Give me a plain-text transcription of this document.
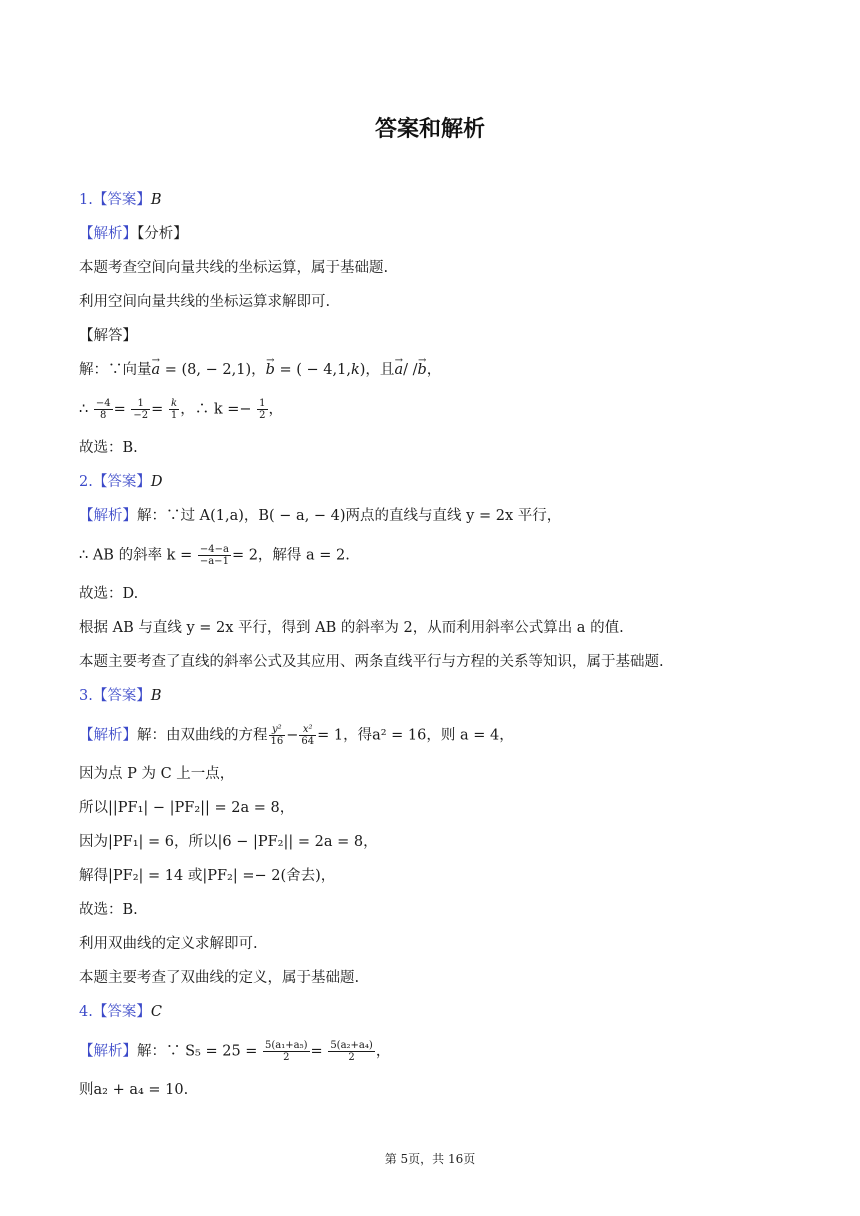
答案和解析
1.【答案】B
【解析】【分析】
本题考查空间向量共线的坐标运算，属于基础题.
利用空间向量共线的坐标运算求解即可.
【解答】
解：∵向量→ a = (8, − 2,1)，→ b = ( − 4,1,k)，且→ a/ /→ b，
∴ $\frac{-4}{8} = \frac{1}{-2} = \frac{k}{1}$ ，∴ $k =- \frac{1}{2}$ ，
故选：B.
2.【答案】D
【解析】解：∵过 A(1,a)，B( − a, − 4)两点的直线与直线 y = 2x 平行，
∴ AB 的斜率 $k = \frac{-4-a}{-a-1} = 2$，解得 a = 2.
故选：D.
根据 AB 与直线 y = 2x 平行，得到 AB 的斜率为 2，从而利用斜率公式算出 a 的值.
本题主要考查了直线的斜率公式及其应用、两条直线平行与方程的关系等知识，属于基础题.
3.【答案】B
【解析】解：由双曲线的方程 $\frac{\text{y²}}{16} - \frac{\text{x²}}{64} = 1$，得a² = 16，则 a = 4，
因为点 P 为 C 上一点，
所以||PF₁| − |PF₂|| = 2a = 8，
因为|PF₁| = 6，所以|6 − |PF₂|| = 2a = 8，
解得|PF₂| = 14 或|PF₂| =− 2(舍去)，
故选：B.
利用双曲线的定义求解即可.
本题主要考查了双曲线的定义，属于基础题.
4.【答案】C
【解析】解：∵ $S_5 = 25 = \frac{\text{5(a₁+a₅)}}{2} = \frac{\text{5(a₂+a₄)}}{2}$ ，
则a₂ + a₄ = 10.
第 5页，共 16页
